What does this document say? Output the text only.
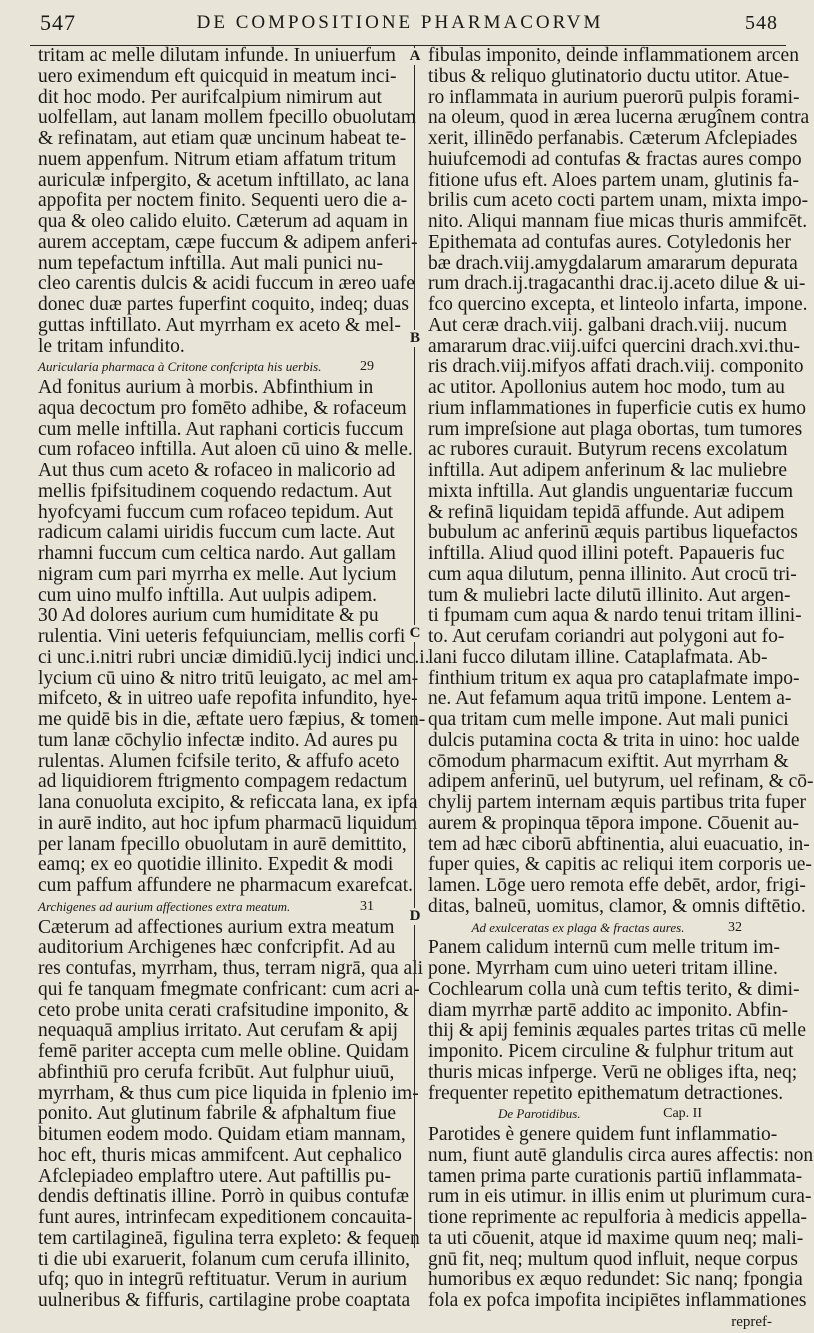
547	DE COMPOSITIONE PHARMACORVM	548
tritam ac melle dilutam infunde. In uniuerfum
uero eximendum eft quicquid in meatum inci-
dit hoc modo. Per aurifcalpium nimirum aut
uolfellam, aut lanam mollem fpecillo obuolutam
& refinatam, aut etiam quæ uncinum habeat te-
nuem appenfum. Nitrum etiam affatum tritum
auriculæ infpergito, & acetum inftillato, ac lana
appofita per noctem finito. Sequenti uero die a-
qua & oleo calido eluito. Cæterum ad aquam in
aurem acceptam, cæpe fuccum & adipem anferi-
num tepefactum inftilla. Aut mali punici nu-
cleo carentis dulcis & acidi fuccum in æreo uafe
donec duæ partes fuperfint coquito, indeq; duas
guttas inftillato. Aut myrrham ex aceto & mel-
le tritam infundito.
29
Auricularia pharmaca à Critone confcripta his uerbis.
Ad fonitus aurium à morbis. Abfinthium in
aqua decoctum pro fomēto adhibe, & rofaceum
cum melle inftilla. Aut raphani corticis fuccum
cum rofaceo inftilla. Aut aloen cū uino & melle.
Aut thus cum aceto & rofaceo in malicorio ad
mellis fpifsitudinem coquendo redactum. Aut
hyofcyami fuccum cum rofaceo tepidum. Aut
radicum calami uiridis fuccum cum lacte. Aut
rhamni fuccum cum celtica nardo. Aut gallam
nigram cum pari myrrha ex melle. Aut lycium
cum uino mulfo inftilla. Aut uulpis adipem.
30 Ad dolores aurium cum humiditate & pu
rulentia. Vini ueteris fefquiunciam, mellis corfi
ci unc.i.nitri rubri unciæ dimidiū.lycij indici unc.i.
lycium cū uino & nitro tritū leuigato, ac mel am-
mifceto, & in uitreo uafe repofita infundito, hye-
me quidē bis in die, æftate uero fæpius, & tomen-
tum lanæ cōchylio infectæ indito. Ad aures pu
rulentas. Alumen fcifsile terito, & affufo aceto
ad liquidiorem ftrigmento compagem redactum
lana conuoluta excipito, & reficcata lana, ex ipfa
in aurē indito, aut hoc ipfum pharmacū liquidum
per lanam fpecillo obuolutam in aurē demittito,
eamq; ex eo quotidie illinito. Expedit & modi
cum paffum affundere ne pharmacum exarefcat.
31
Archigenes ad aurium affectiones extra meatum.
Cæterum ad affectiones aurium extra meatum
auditorium Archigenes hæc confcripfit. Ad au
res contufas, myrrham, thus, terram nigrā, qua ali
qui fe tanquam fmegmate confricant: cum acri a-
ceto probe unita cerati crafsitudine imponito, &
nequaquā amplius irritato. Aut cerufam & apij
femē pariter accepta cum melle obline. Quidam
abfinthiū pro cerufa fcribūt. Aut fulphur uiuū,
myrrham, & thus cum pice liquida in fplenio im-
ponito. Aut glutinum fabrile & afphaltum fiue
bitumen eodem modo. Quidam etiam mannam,
hoc eft, thuris micas ammifcent. Aut cephalico
Afclepiadeo emplaftro utere. Aut paftillis pu-
dendis deftinatis illine. Porrò in quibus contufæ
funt aures, intrinfecam expeditionem concauita-
tem cartilagineā, figulina terra expleto: & fequen
ti die ubi exaruerit, folanum cum cerufa illinito,
ufq; quo in integrū reftituatur. Verum in aurium
uulneribus & fiffuris, cartilagine probe coaptata
fibulas imponito, deinde inflammationem arcen
tibus & reliquo glutinatorio ductu utitor. Atue-
ro inflammata in aurium puerorū pulpis forami-
na oleum, quod in ærea lucerna ærugînem contra
xerit, illinēdo perfanabis. Cæterum Afclepiades
huiufcemodi ad contufas & fractas aures compo
fitione ufus eft. Aloes partem unam, glutinis fa-
brilis cum aceto cocti partem unam, mixta impo-
nito. Aliqui mannam fiue micas thuris ammifcēt.
Epithemata ad contufas aures. Cotyledonis her
bæ drach.viij.amygdalarum amararum depurata
rum drach.ij.tragacanthi drac.ij.aceto dilue & ui-
fco quercino excepta, et linteolo infarta, impone.
Aut ceræ drach.viij. galbani drach.viij. nucum
amararum drac.viij.uifci quercini drach.xvi.thu-
ris drach.viij.mifyos affati drach.viij. componito
ac utitor. Apollonius autem hoc modo, tum au
rium inflammationes in fuperficie cutis ex humo
rum impreſsione aut plaga obortas, tum tumores
ac rubores curauit. Butyrum recens excolatum
inftilla. Aut adipem anferinum & lac muliebre
mixta inftilla. Aut glandis unguentariæ fuccum
& refinā liquidam tepidā affunde. Aut adipem
bubulum ac anferinū æquis partibus liquefactos
inftilla. Aliud quod illini poteft. Papaueris fuc
cum aqua dilutum, penna illinito. Aut crocū tri-
tum & muliebri lacte dilutū illinito. Aut argen-
ti fpumam cum aqua & nardo tenui tritam illini-
to. Aut cerufam coriandri aut polygoni aut fo-
lani fucco dilutam illine. Cataplafmata. Ab-
finthium tritum ex aqua pro cataplafmate impo-
ne. Aut fefamum aqua tritū impone. Lentem a-
qua tritam cum melle impone. Aut mali punici
dulcis putamina cocta & trita in uino: hoc ualde
cōmodum pharmacum exiftit. Aut myrrham &
adipem anferinū, uel butyrum, uel refinam, & cō-
chylij partem internam æquis partibus trita fuper
aurem & propinqua tēpora impone. Cōuenit au-
tem ad hæc ciborū abftinentia, alui euacuatio, in-
fuper quies, & capitis ac reliqui item corporis ue-
lamen. Lōge uero remota effe debēt, ardor, frigi-
ditas, balneū, uomitus, clamor, & omnis diftētio.
32
Ad exulceratas ex plaga & fractas aures.
Panem calidum internū cum melle tritum im-
pone. Myrrham cum uino ueteri tritam illine.
Cochlearum colla unà cum teftis terito, & dimi-
diam myrrhæ partē addito ac imponito. Abfin-
thij & apij feminis æquales partes tritas cū melle
imponito. Picem circuline & fulphur tritum aut
thuris micas infperge. Verū ne obliges ifta, neq;
frequenter repetito epithematum detractiones.
Cap. II
De Parotidibus.
Parotides è genere quidem funt inflammatio-
num, fiunt autē glandulis circa aures affectis: non
tamen prima parte curationis partiū inflammata-
rum in eis utimur. in illis enim ut plurimum cura-
tione reprimente ac repulforia à medicis appella-
ta uti cōuenit, atque id maxime quum neq; mali-
gnū fit, neq; multum quod influit, neque corpus
humoribus ex æquo redundet: Sic nanq; fpongia
fola ex pofca impofita incipiētes inflammationes
repref-
A
B
C
D
